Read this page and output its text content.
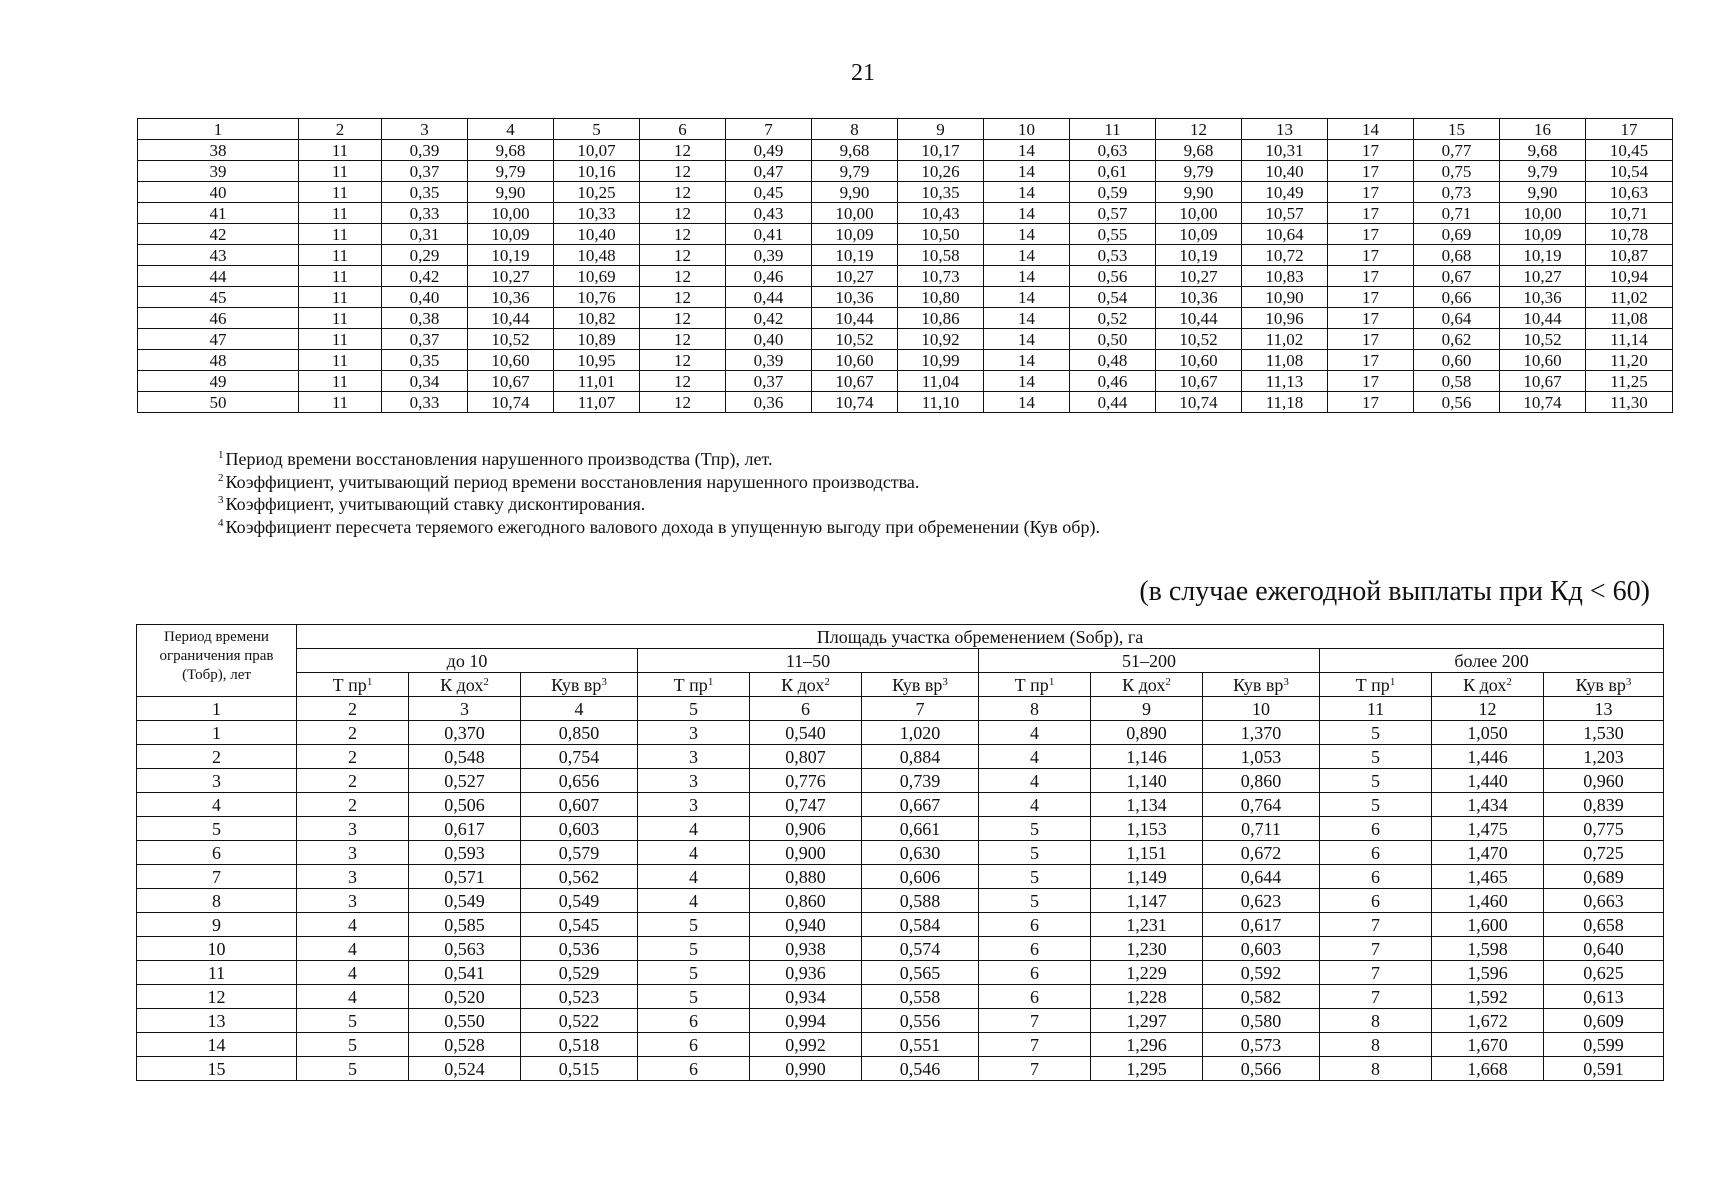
21
1	2	3	4	5	6	7	8	9	10	11	12	13	14	15	16	17
38	11	0,39	9,68	10,07	12	0,49	9,68	10,17	14	0,63	9,68	10,31	17	0,77	9,68	10,45
39	11	0,37	9,79	10,16	12	0,47	9,79	10,26	14	0,61	9,79	10,40	17	0,75	9,79	10,54
40	11	0,35	9,90	10,25	12	0,45	9,90	10,35	14	0,59	9,90	10,49	17	0,73	9,90	10,63
41	11	0,33	10,00	10,33	12	0,43	10,00	10,43	14	0,57	10,00	10,57	17	0,71	10,00	10,71
42	11	0,31	10,09	10,40	12	0,41	10,09	10,50	14	0,55	10,09	10,64	17	0,69	10,09	10,78
43	11	0,29	10,19	10,48	12	0,39	10,19	10,58	14	0,53	10,19	10,72	17	0,68	10,19	10,87
44	11	0,42	10,27	10,69	12	0,46	10,27	10,73	14	0,56	10,27	10,83	17	0,67	10,27	10,94
45	11	0,40	10,36	10,76	12	0,44	10,36	10,80	14	0,54	10,36	10,90	17	0,66	10,36	11,02
46	11	0,38	10,44	10,82	12	0,42	10,44	10,86	14	0,52	10,44	10,96	17	0,64	10,44	11,08
47	11	0,37	10,52	10,89	12	0,40	10,52	10,92	14	0,50	10,52	11,02	17	0,62	10,52	11,14
48	11	0,35	10,60	10,95	12	0,39	10,60	10,99	14	0,48	10,60	11,08	17	0,60	10,60	11,20
49	11	0,34	10,67	11,01	12	0,37	10,67	11,04	14	0,46	10,67	11,13	17	0,58	10,67	11,25
50	11	0,33	10,74	11,07	12	0,36	10,74	11,10	14	0,44	10,74	11,18	17	0,56	10,74	11,30
$^1$ Период времени восстановления нарушенного производства (Тпр), лет.
$^2$ Коэффициент, учитывающий период времени восстановления нарушенного производства.
$^3$ Коэффициент, учитывающий ставку дисконтирования.
$^4$ Коэффициент пересчета теряемого ежегодного валового дохода в упущенную выгоду при обременении (Кув обр).
(в случае ежегодной выплаты при Кд < 60)
Период времени ограничения прав (Тобр), лет	Площадь участка обременением (Sобр), га											
	до 10			11–50			51–200			более 200		
	Т $пр^1$	К дох$^2$	Кув $вр^3$	Т $пр^1$	К дох$^2$	Кув $вр^3$	Т $пр^1$	К дох$^2$	Кув $вр^3$	Т $пр^1$	К дох$^2$	Кув $вр^3$
1	2	3	4	5	6	7	8	9	10	11	12	13
1	2	0,370	0,850	3	0,540	1,020	4	0,890	1,370	5	1,050	1,530
2	2	0,548	0,754	3	0,807	0,884	4	1,146	1,053	5	1,446	1,203
3	2	0,527	0,656	3	0,776	0,739	4	1,140	0,860	5	1,440	0,960
4	2	0,506	0,607	3	0,747	0,667	4	1,134	0,764	5	1,434	0,839
5	3	0,617	0,603	4	0,906	0,661	5	1,153	0,711	6	1,475	0,775
6	3	0,593	0,579	4	0,900	0,630	5	1,151	0,672	6	1,470	0,725
7	3	0,571	0,562	4	0,880	0,606	5	1,149	0,644	6	1,465	0,689
8	3	0,549	0,549	4	0,860	0,588	5	1,147	0,623	6	1,460	0,663
9	4	0,585	0,545	5	0,940	0,584	6	1,231	0,617	7	1,600	0,658
10	4	0,563	0,536	5	0,938	0,574	6	1,230	0,603	7	1,598	0,640
11	4	0,541	0,529	5	0,936	0,565	6	1,229	0,592	7	1,596	0,625
12	4	0,520	0,523	5	0,934	0,558	6	1,228	0,582	7	1,592	0,613
13	5	0,550	0,522	6	0,994	0,556	7	1,297	0,580	8	1,672	0,609
14	5	0,528	0,518	6	0,992	0,551	7	1,296	0,573	8	1,670	0,599
15	5	0,524	0,515	6	0,990	0,546	7	1,295	0,566	8	1,668	0,591
